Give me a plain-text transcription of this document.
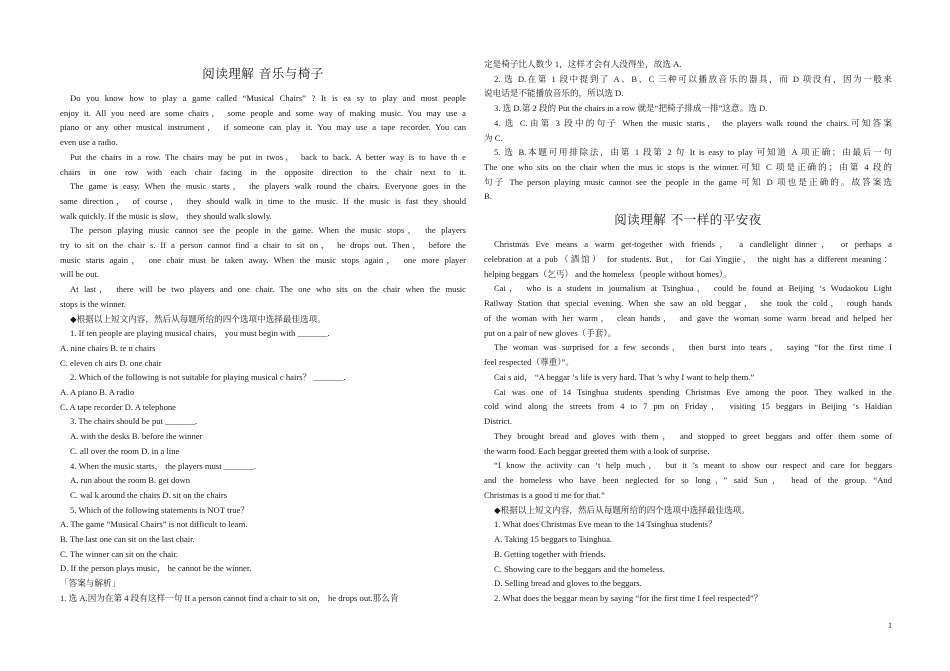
阅读理解 音乐与椅子
Do you know how to play a game called “Musical Chairs” ? It is ea sy to play and most people
enjoy it. All you need are some chairs， some people and some way of making music. You may use a
piano or any other musical instrument， if someone can play it. You may use a tape recorder. You can
even use a radio.
Put the chairs in a row. The chairs may be put in twos， back to back. A better way is to have th e
chairs in one row with each chair facing in the opposite direction to the chair next to it.
The game is easy. When the music starts， the players walk round the chairs. Everyone goes in the
same direction， of course， they should walk in time to the music. If the music is fast they should
walk quickly. If the music is slow， they should walk slowly.
The person playing music cannot see the people in the game. When the music stops， the players
try to sit on the chair s. If a person cannot find a chair to sit on， he drops out. Then， before the
music starts again， one chair must be taken away. When the music stops again， one more player
will be out.
At last， there will be two players and one chair. The one who sits on the chair when the music
stops is the winner.
◆根据以上短文内容，然后从每题所给的四个选项中选择最佳选项。
1. If ten people are playing musical chairs， you must begin with _______.
A. nine chairs B. te n chairs
C. eleven ch airs D. one chair
2. Which of the following is not suitable for playing musical c hairs？ _______.
A. A piano B. A radio
C. A tape recorder D. A telephone
3. The chairs should be put _______.
A. with the desks B. before the winner
C. all over the room D. in a line
4. When the music starts， the players must _______.
A. run about the room B. get down
C. wal k around the chairs D. sit on the chairs
5. Which of the following statements is NOT true？
A. The game “Musical Chairs” is not difficult to learn.
B. The last one can sit on the last chair.
C. The winner can sit on the chair.
D. If the person plays music， he cannot be the winner.
「答案与解析」
1. 选 A.因为在第 4 段有这样一句 If a person cannot find a chair to sit on， he drops out.那么肯
定是椅子比人数少 1，这样才会有人没得坐，故选 A.
2. 选 D.在第 1 段中提到了 A、B、C 三种可以播放音乐的器具，而 D 项没有，因为一般来
说电话是不能播放音乐的，所以选 D.
3. 选 D.第 2 段的 Put the chairs in a row 就是“把椅子排成一排”这意。选 D.
4. 选 C.由第 3 段中的句子 When the music starts， the players walk round the chairs.可知答案
为 C.
5. 选 B.本题可用排除法，由第 1 段第 2 句 It is easy to play 可知道 A 项正确；由最后一句
The one who sits on the chair when the mus ic stops is the winner.可知 C 项是正确的；由第 4 段的
句子 The person playing music cannot see the people in the game 可知 D 项也是正确的。故答案选
B.
阅读理解 不一样的平安夜
Christmas Eve means a warm get-together with friends， a candlelight dinner， or perhaps a
celebration at a pub（酒馆） for students. But， for Cai Yingjie， the night has a different meaning：
helping beggars（乞丐） and the homeless（people without homes）。
Cai， who is a student in journalism at Tsinghua， could be found at Beijing ‘s Wudaokou Light
Railway Station that special evening. When she saw an old beggar， she took the cold， rough hands
of the woman with her warm， clean hands， and gave the woman some warm bread and helped her
put on a pair of new gloves（手套）。
The woman was surprised for a few seconds， then burst into tears， saying “for the first time I
feel respected（尊重）”。
Cai s aid， “A beggar ‘s life is very hard. That ’s why I want to help them.”
Cai was one of 14 Tsinghua students spending Christmas Eve among the poor. They walked in the
cold wind along the streets from 4 to 7 pm on Friday， visiting 15 beggars in Beijing ‘s Haidian
District.
They brought bread and gloves with them， and stopped to greet beggars and offer them some of
the warm food. Each beggar greeted them with a look of surprise.
“I know the activity can ‘t help much， but it ’s meant to show our respect and care for beggars
and the homeless who have been neglected for so long，” said Sun， head of the group. “And
Christmas is a good ti me for that.”
◆根据以上短文内容，然后从每题所给的四个选项中选择最佳选项。
1. What does Christmas Eve mean to the 14 Tsinghua students？
A. Taking 15 beggars to Tsinghua.
B. Getting together with friends.
C. Showing care to the beggars and the homeless.
D. Selling bread and gloves to the beggars.
2. What does the beggar mean by saying “for the first time I feel respected”？
1
